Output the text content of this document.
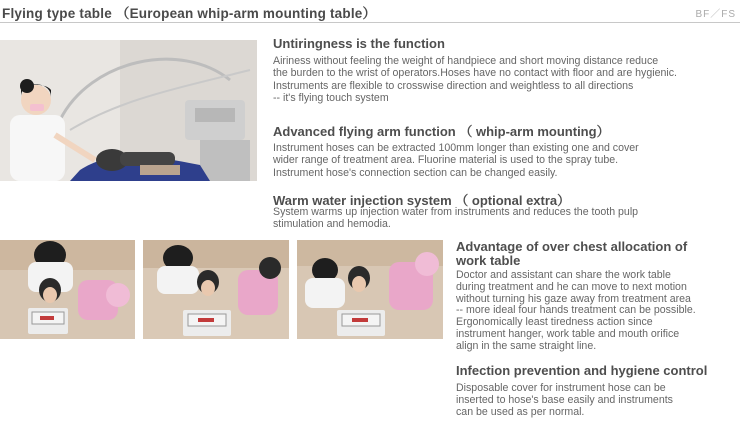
Flying type table （European whip-arm mounting table）	BF／FS
Untiringness is the function
Airiness without feeling the weight of handpiece and short moving distance reduce
the burden to the wrist of operators.Hoses have no contact with floor and are hygienic.
Instruments are flexible to crosswise direction and weightless to all directions
-- it's flying touch system
Advanced flying arm function （ whip-arm mounting）
Instrument hoses can be extracted 100mm longer than existing one and cover
wider range of treatment area. Fluorine material is used to the spray tube.
Instrument hose's connection section can be changed easily.
Warm water injection system （ optional extra）
System warms up injection water from instruments and reduces the tooth pulp
stimulation and hemodia.
Advantage of over chest allocation of
work table
Doctor and assistant can share the work table
during treatment and he can move to next motion
without turning his gaze away from treatment area
-- more ideal four hands treatment can be possible.
Ergonomically least tiredness action since
instrument hanger, work table and mouth orifice
align in the same straight line.
Infection prevention and hygiene control
Disposable cover for instrument hose can be
inserted to hose's base easily and instruments
can be used as per normal.
